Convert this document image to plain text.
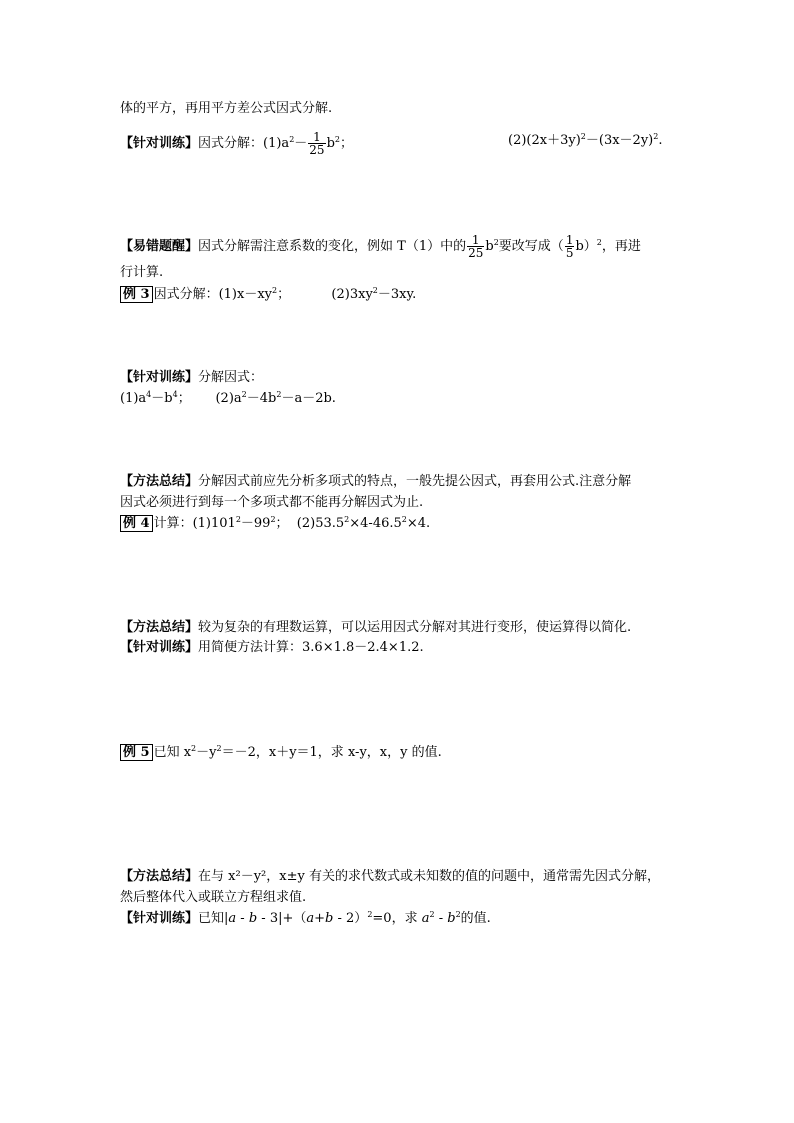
体的平方，再用平方差公式因式分解.
【针对训练】因式分解：$(1)a^2- \frac{1}{25} b^2$；	$(2)(2x+3y)^2-(3x-2y)^2$.
【易错题醒】因式分解需注意系数的变化，例如 T（1）中的 $\frac{1}{25} b^2$要改写成（ $\frac{1}{5} b)^2$，再进
行计算.
例 3 因式分解：$(1)x-xy^2$；          $(2)3xy^2-3xy$.
【针对训练】分解因式：
$(1)a^4-b^4$；      $(2)a^2-4b^2-a-2b$.
【方法总结】分解因式前应先分析多项式的特点，一般先提公因式，再套用公式.注意分解
因式必须进行到每一个多项式都不能再分解因式为止.
例 4 计算：$(1)101^2-99^2$；  $(2)53.5^2\times 4-46.5^2\times 4$.
【方法总结】较为复杂的有理数运算，可以运用因式分解对其进行变形，使运算得以简化.
【针对训练】用简便方法计算：3.6×1.8－2.4×1.2.
例 5 已知 $x^2-y^2=-2$，x＋y＝1，求 x-y，x，y 的值.
【方法总结】在与 x²－y²，x±y 有关的求代数式或未知数的值的问题中，通常需先因式分解，
然后整体代入或联立方程组求值.
【针对训练】已知$|a - b - 3|+(a+b - 2)^2=0$，求 $a^2 - b^2$的值.
